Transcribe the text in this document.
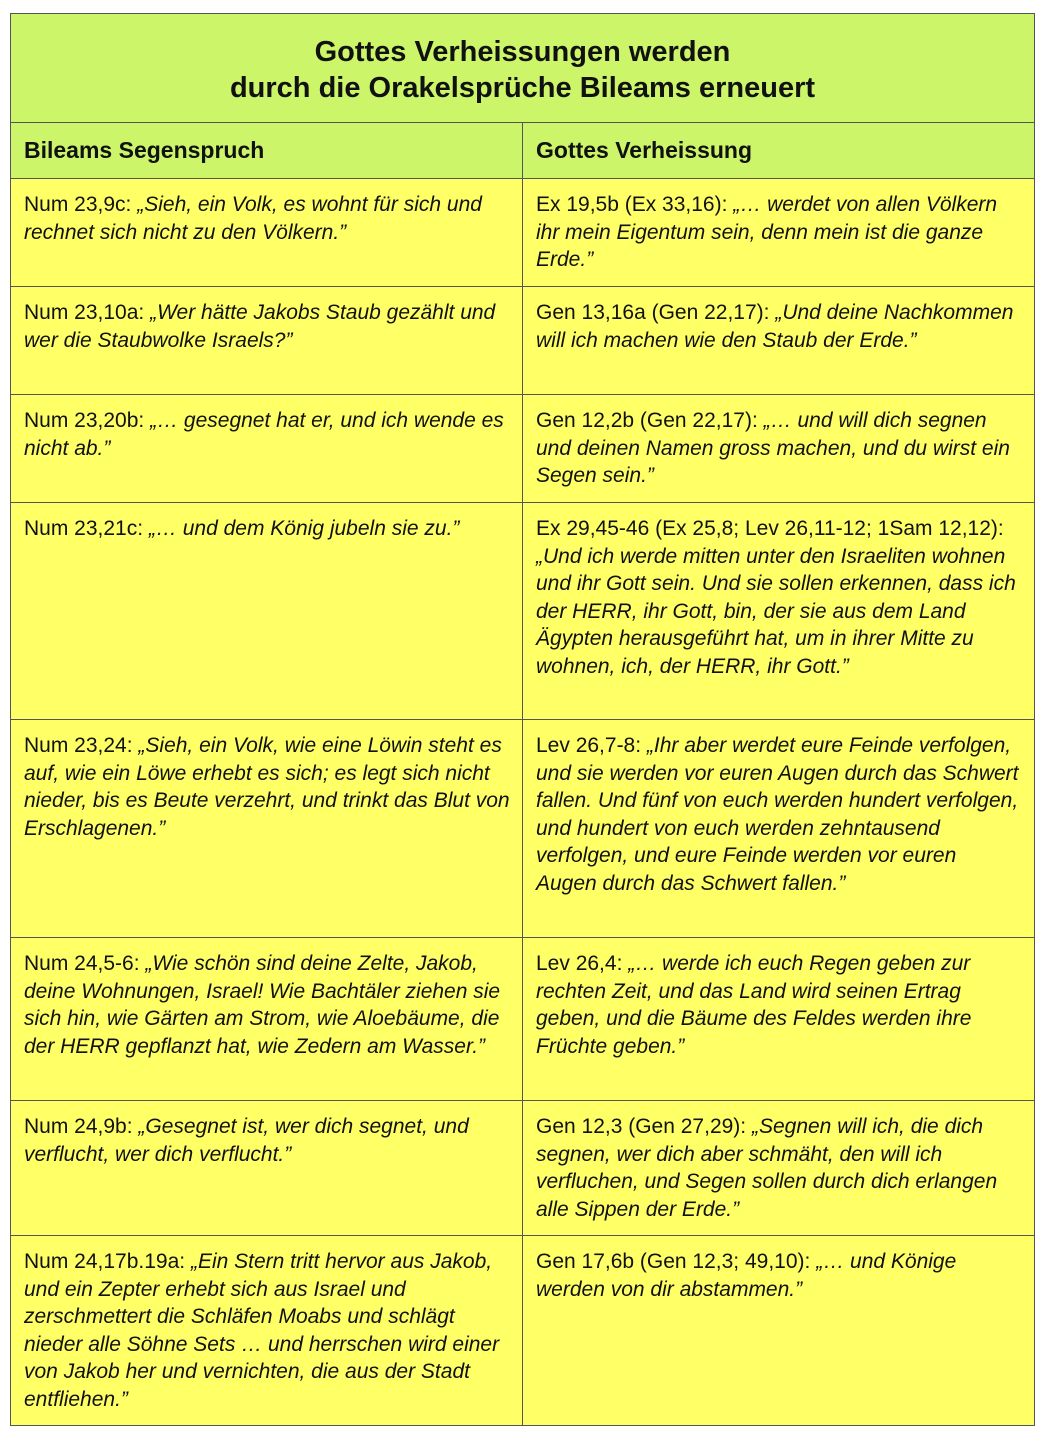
Gottes Verheissungen werden
durch die Orakelsprüche Bileams erneuert	

Bileams Segenspruch	Gottes Verheissung

Num 23,9c: „Sieh, ein Volk, es wohnt für sich und rechnet sich nicht zu den Völkern.”	Ex 19,5b (Ex 33,16): „… werdet von allen Völkern ihr mein Eigentum sein, denn mein ist die ganze Erde.”

Num 23,10a: „Wer hätte Jakobs Staub gezählt und wer die Staubwolke Israels?”	Gen 13,16a (Gen 22,17): „Und deine Nachkommen will ich machen wie den Staub der Erde.”

Num 23,20b: „… gesegnet hat er, und ich wende es nicht ab.”	Gen 12,2b (Gen 22,17): „… und will dich segnen und deinen Namen gross machen, und du wirst ein Segen sein.”

Num 23,21c: „… und dem König jubeln sie zu.”	Ex 29,45-46 (Ex 25,8; Lev 26,11-12; 1Sam 12,12): „Und ich werde mitten unter den Israeliten wohnen und ihr Gott sein. Und sie sollen erkennen, dass ich der HERR, ihr Gott, bin, der sie aus dem Land Ägypten herausgeführt hat, um in ihrer Mitte zu wohnen, ich, der HERR, ihr Gott.”

Num 23,24: „Sieh, ein Volk, wie eine Löwin steht es auf, wie ein Löwe erhebt es sich; es legt sich nicht nieder, bis es Beute verzehrt, und trinkt das Blut von Erschlagenen.”	Lev 26,7-8: „Ihr aber werdet eure Feinde verfolgen, und sie werden vor euren Augen durch das Schwert fallen. Und fünf von euch werden hundert verfolgen, und hundert von euch werden zehntausend verfolgen, und eure Feinde werden vor euren Augen durch das Schwert fallen.”

Num 24,5-6: „Wie schön sind deine Zelte, Jakob, deine Wohnungen, Israel! Wie Bachtäler ziehen sie sich hin, wie Gärten am Strom, wie Aloebäume, die der HERR gepflanzt hat, wie Zedern am Wasser.”	Lev 26,4: „… werde ich euch Regen geben zur rechten Zeit, und das Land wird seinen Ertrag geben, und die Bäume des Feldes werden ihre Früchte geben.”

Num 24,9b: „Gesegnet ist, wer dich segnet, und verflucht, wer dich verflucht.”	Gen 12,3 (Gen 27,29): „Segnen will ich, die dich segnen, wer dich aber schmäht, den will ich verfluchen, und Segen sollen durch dich erlangen alle Sippen der Erde.”

Num 24,17b.19a: „Ein Stern tritt hervor aus Jakob, und ein Zepter erhebt sich aus Israel und zerschmettert die Schläfen Moabs und schlägt nieder alle Söhne Sets … und herrschen wird einer von Jakob her und vernichten, die aus der Stadt entfliehen.”	Gen 17,6b (Gen 12,3; 49,10): „… und Könige werden von dir abstammen.”
